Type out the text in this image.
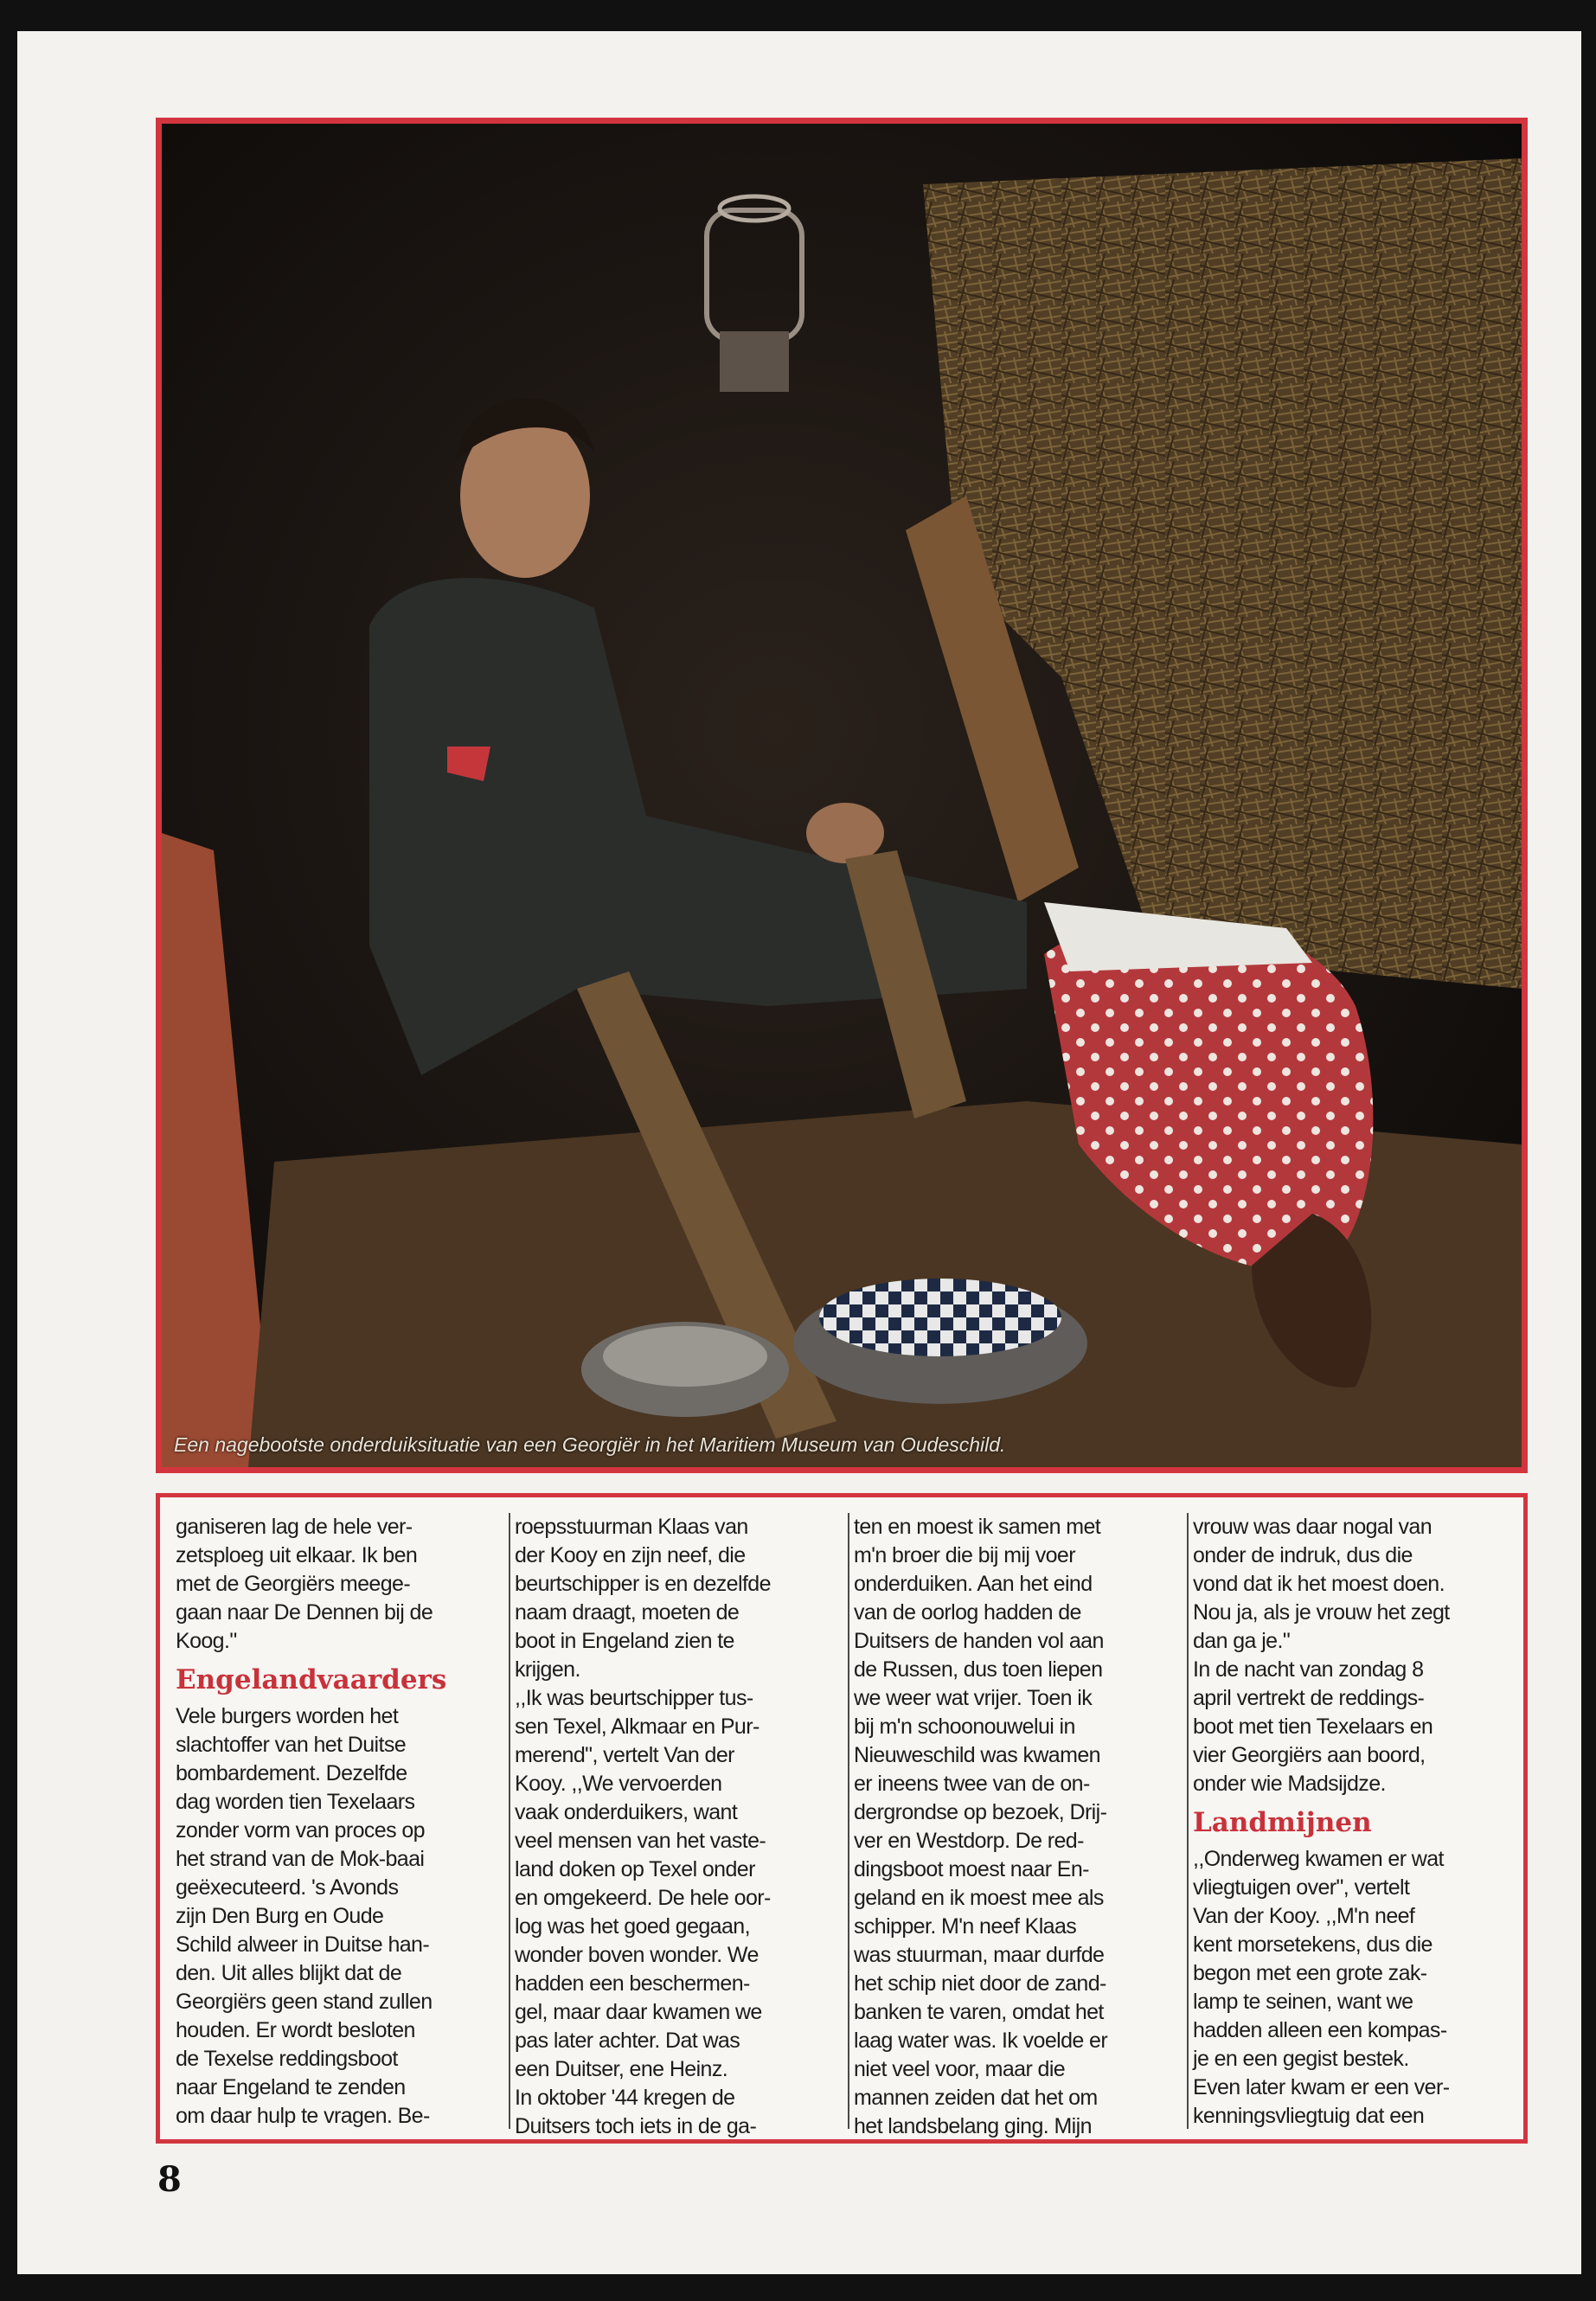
Een nagebootste onderduiksituatie van een Georgiër in het Maritiem Museum van Oudeschild.

ganiseren lag de hele ver-
zetsploeg uit elkaar. Ik ben
met de Georgiërs meege-
gaan naar De Dennen bij de
Koog."

Engelandvaarders

Vele burgers worden het
slachtoffer van het Duitse
bombardement. Dezelfde
dag worden tien Texelaars
zonder vorm van proces op
het strand van de Mok-baai
geëxecuteerd. 's Avonds
zijn Den Burg en Oude
Schild alweer in Duitse han-
den. Uit alles blijkt dat de
Georgiërs geen stand zullen
houden. Er wordt besloten
de Texelse reddingsboot
naar Engeland te zenden
om daar hulp te vragen. Be-

roepsstuurman Klaas van
der Kooy en zijn neef, die
beurtschipper is en dezelfde
naam draagt, moeten de
boot in Engeland zien te
krijgen.
,,Ik was beurtschipper tus-
sen Texel, Alkmaar en Pur-
merend", vertelt Van der
Kooy. ,,We vervoerden
vaak onderduikers, want
veel mensen van het vaste-
land doken op Texel onder
en omgekeerd. De hele oor-
log was het goed gegaan,
wonder boven wonder. We
hadden een beschermen-
gel, maar daar kwamen we
pas later achter. Dat was
een Duitser, ene Heinz.
In oktober '44 kregen de
Duitsers toch iets in de ga-

ten en moest ik samen met
m'n broer die bij mij voer
onderduiken. Aan het eind
van de oorlog hadden de
Duitsers de handen vol aan
de Russen, dus toen liepen
we weer wat vrijer. Toen ik
bij m'n schoonouwelui in
Nieuweschild was kwamen
er ineens twee van de on-
dergrondse op bezoek, Drij-
ver en Westdorp. De red-
dingsboot moest naar En-
geland en ik moest mee als
schipper. M'n neef Klaas
was stuurman, maar durfde
het schip niet door de zand-
banken te varen, omdat het
laag water was. Ik voelde er
niet veel voor, maar die
mannen zeiden dat het om
het landsbelang ging. Mijn

vrouw was daar nogal van
onder de indruk, dus die
vond dat ik het moest doen.
Nou ja, als je vrouw het zegt
dan ga je."
In de nacht van zondag 8
april vertrekt de reddings-
boot met tien Texelaars en
vier Georgiërs aan boord,
onder wie Madsijdze.

Landmijnen

,,Onderweg kwamen er wat
vliegtuigen over", vertelt
Van der Kooy. ,,M'n neef
kent morsetekens, dus die
begon met een grote zak-
lamp te seinen, want we
hadden alleen een kompas-
je en een gegist bestek.
Even later kwam er een ver-
kenningsvliegtuig dat een

8
